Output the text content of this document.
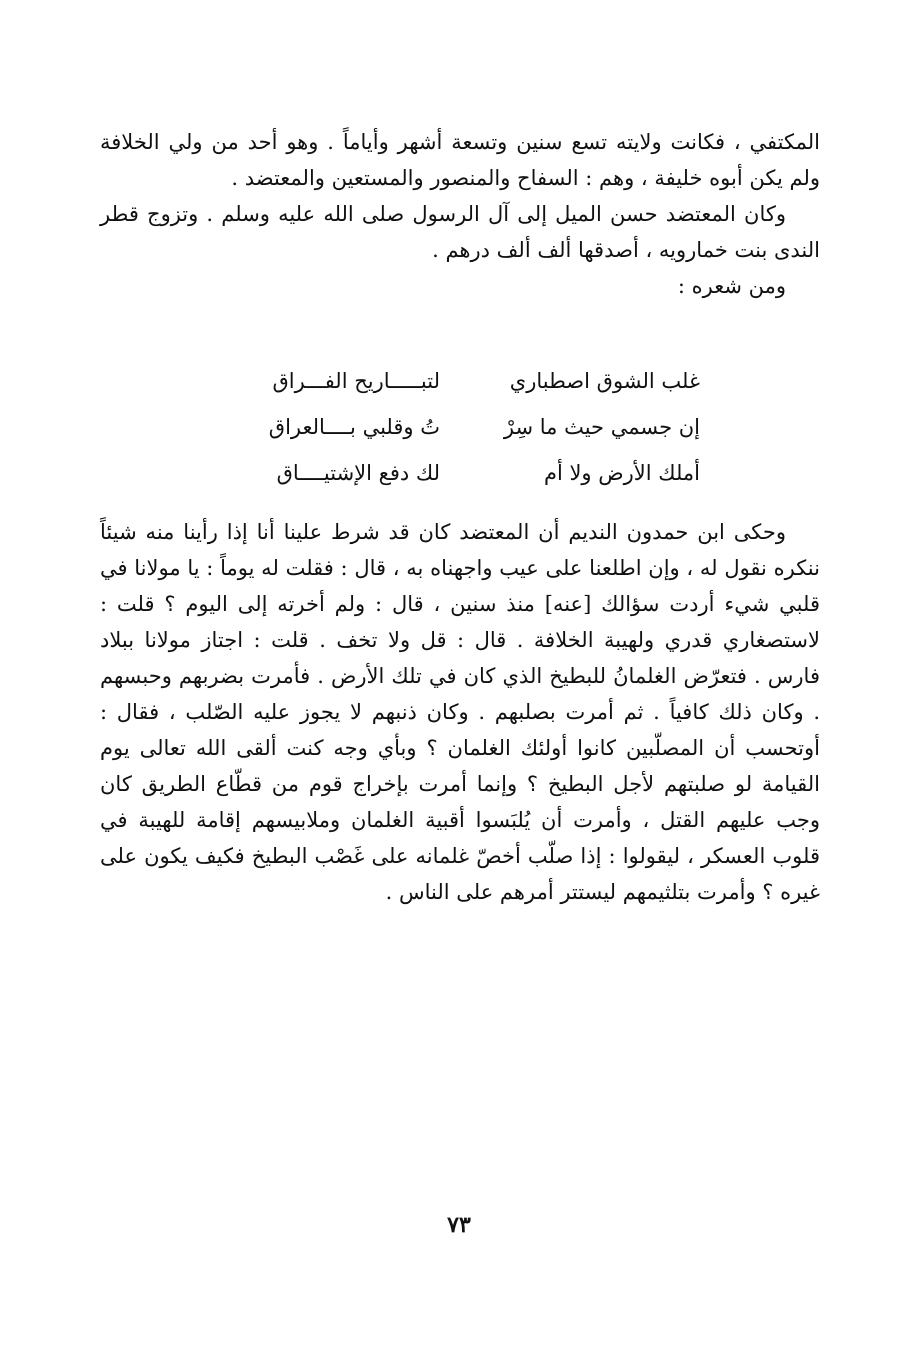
المكتفي ، فكانت ولايته تسع سنين وتسعة أشهر وأياماً . وهو أحد من ولي الخلافة ولم يكن أبوه خليفة ، وهم : السفاح والمنصور والمستعين والمعتضد .

وكان المعتضد حسن الميل إلى آل الرسول صلى الله عليه وسلم . وتزوج قطر الندى بنت خمارويه ، أصدقها ألف ألف درهم .

ومن شعره :

غلب الشوق اصطباري
لتبـــــاريح الفـــراق
إن جسمي حيث ما سِرْ
تُ وقلبي بــــالعراق
أملك الأرض ولا أم
لك دفع الإشتيــــاق

وحكى ابن حمدون النديم أن المعتضد كان قد شرط علينا أنا إذا رأينا منه شيئاً ننكره نقول له ، وإن اطلعنا على عيب واجهناه به ، قال : فقلت له يوماً : يا مولانا في قلبي شيء أردت سؤالك [عنه] منذ سنين ، قال : ولم أخرته إلى اليوم ؟ قلت : لاستصغاري قدري ولهيبة الخلافة . قال : قل ولا تخف . قلت : اجتاز مولانا ببلاد فارس . فتعرّض الغلمانُ للبطيخ الذي كان في تلك الأرض . فأمرت بضربهم وحبسهم . وكان ذلك كافياً . ثم أمرت بصلبهم . وكان ذنبهم لا يجوز عليه الصّلب ، فقال : أوتحسب أن المصلّبين كانوا أولئك الغلمان ؟ وبأي وجه كنت ألقى الله تعالى يوم القيامة لو صلبتهم لأجل البطيخ ؟ وإنما أمرت بإخراج قوم من قطّاع الطريق كان وجب عليهم القتل ، وأمرت أن يُلبَسوا أقبية الغلمان وملابيسهم إقامة للهيبة في قلوب العسكر ، ليقولوا : إذا صلّب أخصّ غلمانه على غَصْب البطيخ فكيف يكون على غيره ؟ وأمرت بتلثيمهم ليستتر أمرهم على الناس .

٧٣
